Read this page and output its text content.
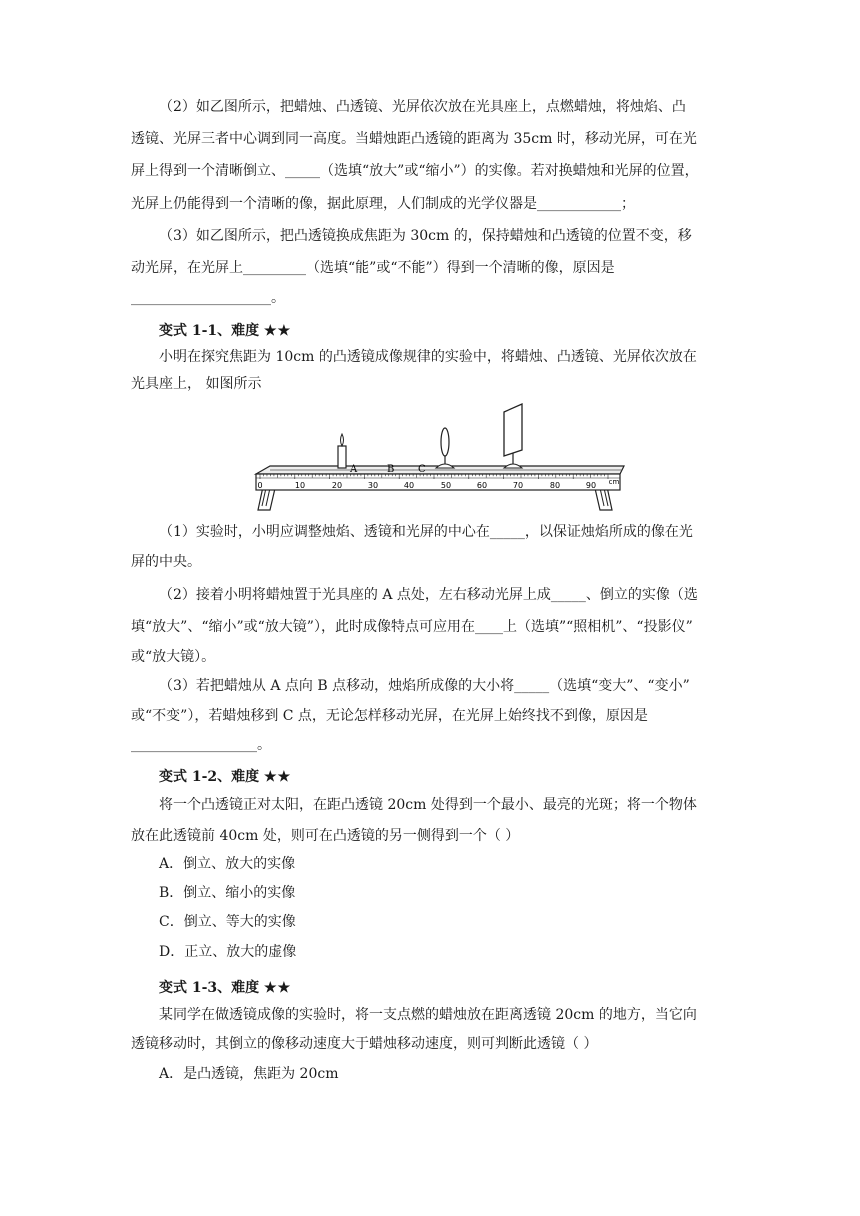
（2）如乙图所示，把蜡烛、凸透镜、光屏依次放在光具座上，点燃蜡烛，将烛焰、凸
透镜、光屏三者中心调到同一高度。当蜡烛距凸透镜的距离为 35cm 时，移动光屏，可在光
屏上得到一个清晰倒立、_____（选填“放大”或“缩小”）的实像。若对换蜡烛和光屏的位置，
光屏上仍能得到一个清晰的像，据此原理，人们制成的光学仪器是____________；
（3）如乙图所示，把凸透镜换成焦距为 30cm 的，保持蜡烛和凸透镜的位置不变，移
动光屏，在光屏上_________（选填“能”或“不能”）得到一个清晰的像，原因是
____________________。
变式 1-1、难度 ★★
小明在探究焦距为 10cm 的凸透镜成像规律的实验中，将蜡烛、凸透镜、光屏依次放在
光具座上， 如图所示
0	10	20	30	40	50	60	70	80	90 cm
A	B C
（1）实验时，小明应调整烛焰、透镜和光屏的中心在_____，以保证烛焰所成的像在光
屏的中央。
（2）接着小明将蜡烛置于光具座的 A 点处，左右移动光屏上成_____、倒立的实像（选
填“放大”、“缩小”或“放大镜”），此时成像特点可应用在____上（选填”“照相机”、“投影仪”
或“放大镜）。
（3）若把蜡烛从 A 点向 B 点移动，烛焰所成像的大小将_____（选填“变大”、“变小”
或“不变”），若蜡烛移到 C 点，无论怎样移动光屏，在光屏上始终找不到像，原因是
__________________。
变式 1-2、难度 ★★
将一个凸透镜正对太阳，在距凸透镜 20cm 处得到一个最小、最亮的光斑；将一个物体
放在此透镜前 40cm 处，则可在凸透镜的另一侧得到一个（ ）
A．倒立、放大的实像
B．倒立、缩小的实像
C．倒立、等大的实像
D．正立、放大的虚像
变式 1-3、难度 ★★
某同学在做透镜成像的实验时，将一支点燃的蜡烛放在距离透镜 20cm 的地方，当它向
透镜移动时，其倒立的像移动速度大于蜡烛移动速度，则可判断此透镜（ ）
A．是凸透镜，焦距为 20cm
